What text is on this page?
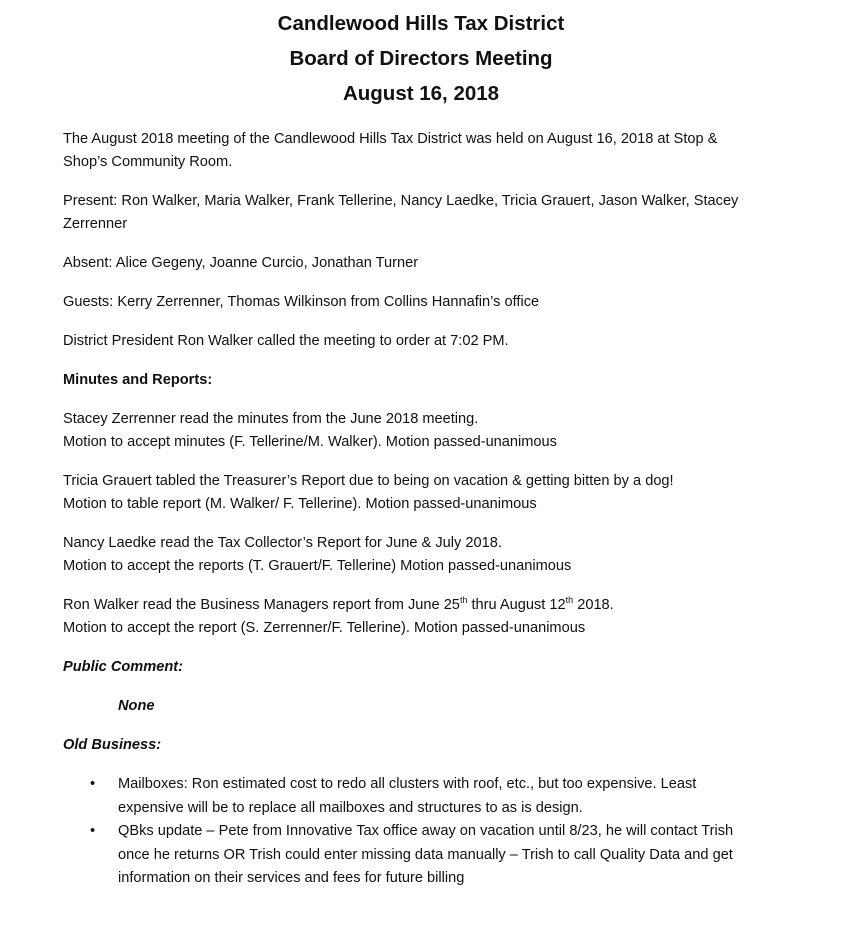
Candlewood Hills Tax District

Board of Directors Meeting

August 16, 2018

The August 2018 meeting of the Candlewood Hills Tax District was held on August 16, 2018 at Stop &
Shop’s Community Room.

Present: Ron Walker, Maria Walker, Frank Tellerine, Nancy Laedke, Tricia Grauert, Jason Walker, Stacey
Zerrenner

Absent: Alice Gegeny, Joanne Curcio, Jonathan Turner

Guests: Kerry Zerrenner, Thomas Wilkinson from Collins Hannafin’s office

District President Ron Walker called the meeting to order at 7:02 PM.

Minutes and Reports:

Stacey Zerrenner read the minutes from the June 2018 meeting.
Motion to accept minutes (F. Tellerine/M. Walker). Motion passed-unanimous

Tricia Grauert tabled the Treasurer’s Report due to being on vacation & getting bitten by a dog!
Motion to table report (M. Walker/ F. Tellerine). Motion passed-unanimous

Nancy Laedke read the Tax Collector’s Report for June & July 2018.
Motion to accept the reports (T. Grauert/F. Tellerine) Motion passed-unanimous

Ron Walker read the Business Managers report from June 25th thru August 12th 2018.
Motion to accept the report (S. Zerrenner/F. Tellerine). Motion passed-unanimous

Public Comment:

None

Old Business:

• Mailboxes: Ron estimated cost to redo all clusters with roof, etc., but too expensive. Least
expensive will be to replace all mailboxes and structures to as is design.
• QBks update – Pete from Innovative Tax office away on vacation until 8/23, he will contact Trish
once he returns OR Trish could enter missing data manually – Trish to call Quality Data and get
information on their services and fees for future billing
